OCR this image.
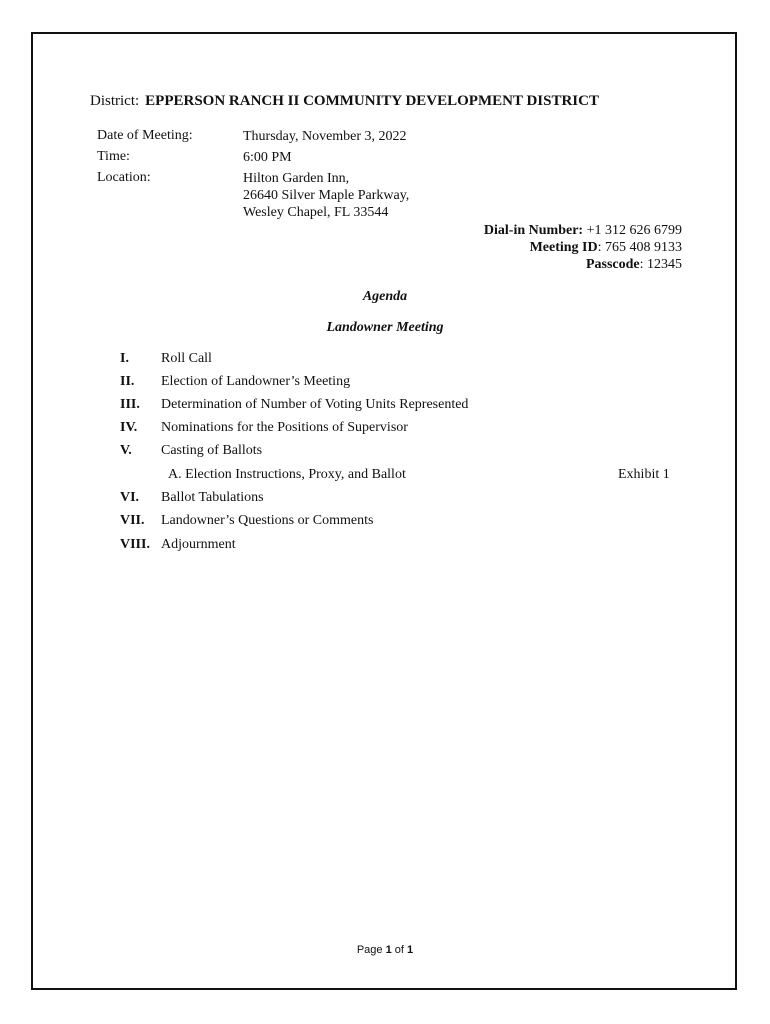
District: EPPERSON RANCH II COMMUNITY DEVELOPMENT DISTRICT
Date of Meeting:	Thursday, November 3, 2022
Time:	6:00 PM
Location:	Hilton Garden Inn,
26640 Silver Maple Parkway,
Wesley Chapel, FL 33544
Dial-in Number: +1 312 626 6799
Meeting ID: 765 408 9133
Passcode: 12345
Agenda
Landowner Meeting
I. Roll Call
II. Election of Landowner’s Meeting
III. Determination of Number of Voting Units Represented
IV. Nominations for the Positions of Supervisor
V. Casting of Ballots
A. Election Instructions, Proxy, and Ballot	Exhibit 1
VI. Ballot Tabulations
VII. Landowner’s Questions or Comments
VIII. Adjournment
Page 1 of 1
